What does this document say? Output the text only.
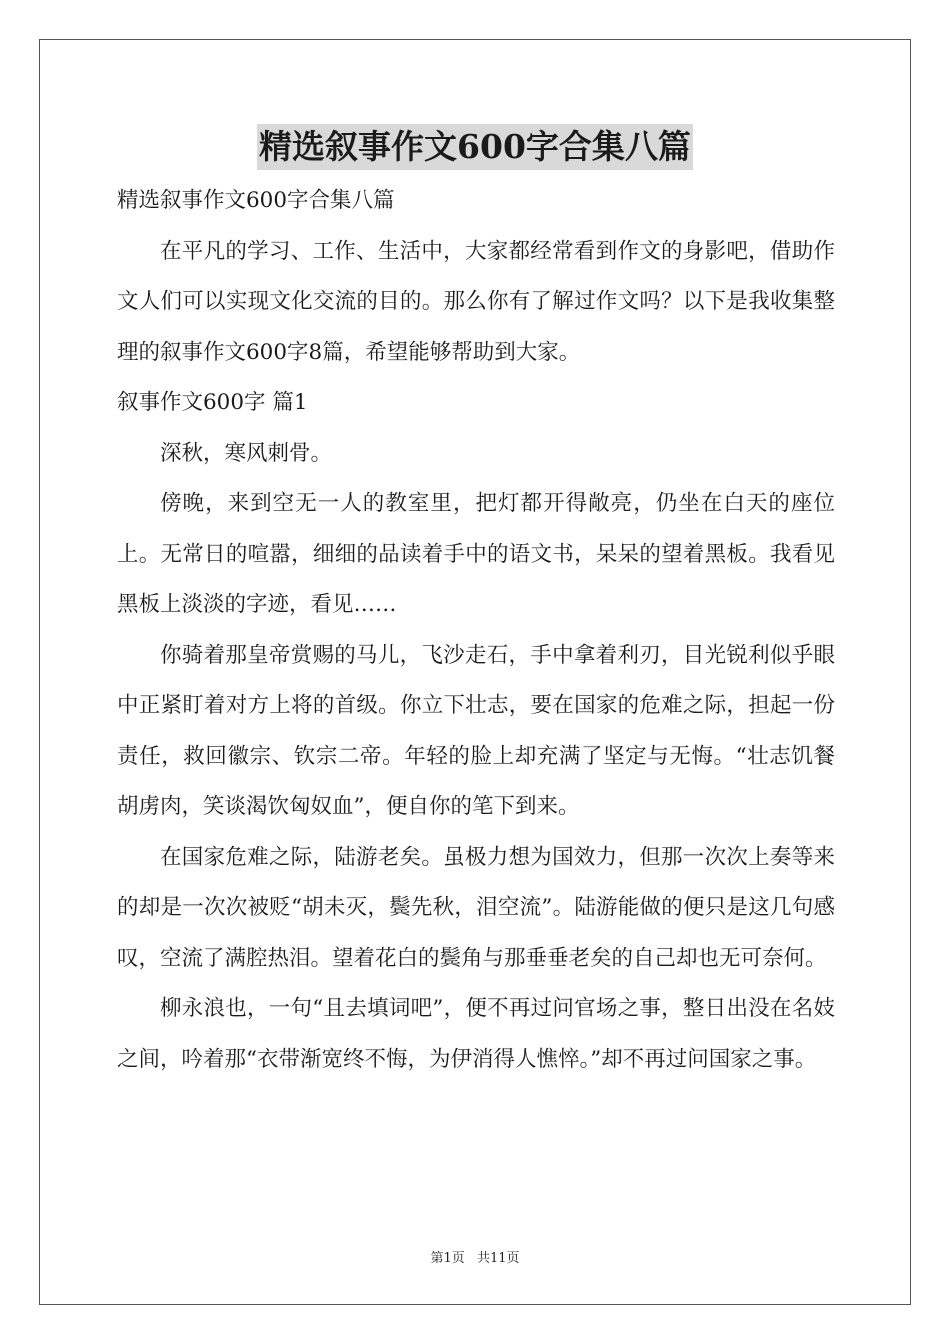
精选叙事作文600字合集八篇

精选叙事作文600字合集八篇

在平凡的学习、工作、生活中，大家都经常看到作文的身影吧，借助作文人们可以实现文化交流的目的。那么你有了解过作文吗？以下是我收集整理的叙事作文600字8篇，希望能够帮助到大家。

叙事作文600字 篇1

深秋，寒风刺骨。

傍晚，来到空无一人的教室里，把灯都开得敞亮，仍坐在白天的座位上。无常日的喧嚣，细细的品读着手中的语文书，呆呆的望着黑板。我看见黑板上淡淡的字迹，看见……

你骑着那皇帝赏赐的马儿，飞沙走石，手中拿着利刃，目光锐利似乎眼中正紧盯着对方上将的首级。你立下壮志，要在国家的危难之际，担起一份责任，救回徽宗、钦宗二帝。年轻的脸上却充满了坚定与无悔。“壮志饥餐胡虏肉，笑谈渴饮匈奴血”，便自你的笔下到来。

在国家危难之际，陆游老矣。虽极力想为国效力，但那一次次上奏等来的却是一次次被贬“胡未灭，鬓先秋，泪空流”。陆游能做的便只是这几句感叹，空流了满腔热泪。望着花白的鬓角与那垂垂老矣的自己却也无可奈何。

柳永浪也，一句“且去填词吧”，便不再过问官场之事，整日出没在名妓之间，吟着那“衣带渐宽终不悔，为伊消得人憔悴。”却不再过问国家之事。

第1页 共11页
